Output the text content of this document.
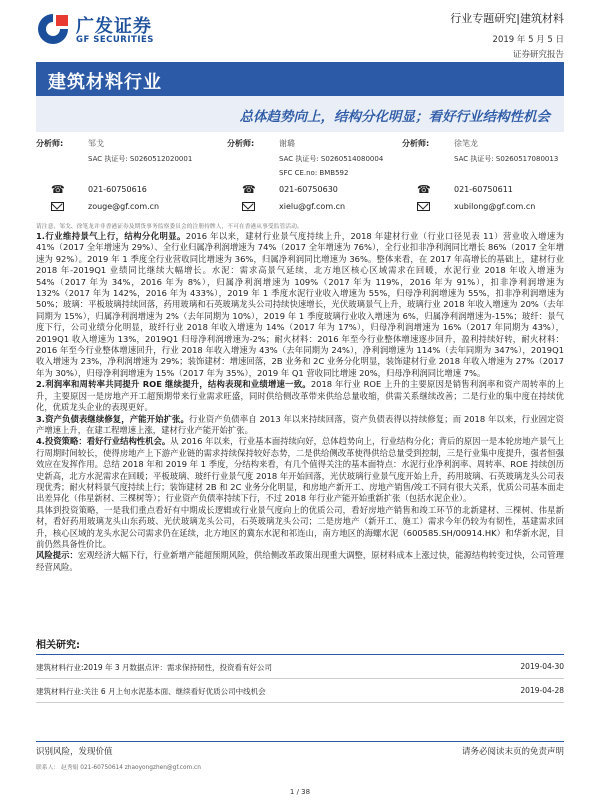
广发证券
GF SECURITIES
行业专题研究|建筑材料
2019 年 5 月 5 日
证券研究报告
建筑材料行业
总体趋势向上，结构分化明显；看好行业结构性机会
分析师:	邹戈
SAC 执证号: S0260512020001
☎	021-60750616
zouge@gf.com.cn
分析师:	谢璐
SAC 执证号: S0260514080004
SFC CE.no: BMB592
☎	021-60750630
xielu@gf.com.cn
分析师:	徐笔龙
SAC 执证号: S0260517080013
☎	021-60750611
xubilong@gf.com.cn
请注意，邹戈、徐笔龙并非香港证券及期货事务监察委员会的注册持牌人，不可在香港从事受监管活动。

1.行业维持景气上行，结构分化明显。2016 年以来，建材行业景气度持续上升，2018 年建材行业（行业口径见表 11）营业收入增速为 41%（2017 全年增速为 29%）、全行业归属净利润增速为 74%（2017 全年增速为 76%），全行业扣非净利润同比增长 86%（2017 全年增速为 92%）。2019 年 1 季度全行业营收同比增速为 36%，归属净利润同比增速为 36%。整体来看，在 2017 年高增长的基础上，建材行业 2018 年-2019Q1 业绩同比继续大幅增长。水泥：需求高景气延续，北方地区核心区域需求在回暖，水泥行业 2018 年收入增速为 54%（2017 年为 34%，2016 年为 8%），归属净利润增速为 109%（2017 年为 119%，2016 年为 91%），扣非净利润增速为 132%（2017 年为 142%，2016 年为 433%），2019 年 1 季度水泥行业收入增速为 55%，归母净利润增速为 55%，扣非净利润增速为 50%；玻璃：平板玻璃持续回落，药用玻璃和石英玻璃龙头公司持续快速增长，光伏玻璃景气上升，玻璃行业 2018 年收入增速为 20%（去年同期为 15%），归属净利润增速为 2%（去年同期为 10%），2019 年 1 季度玻璃行业收入增速为 6%，归属净利润增速为-15%；玻纤：景气度下行，公司业绩分化明显，玻纤行业 2018 年收入增速为 14%（2017 年为 17%），归母净利润增速为 16%（2017 年同期为 43%），2019Q1 收入增速为 13%，2019Q1 归母净利润增速为-2%；耐火材料：2016 年至今行业整体增速逐步回升，盈利持续好转，耐火材料：2016 年至今行业整体增速回升，行业 2018 年收入增速为 43%（去年同期为 24%），净利润增速为 114%（去年同期为 347%），2019Q1 收入增速为 23%，净利润增速为 29%；装饰建材：增速回落，2B 业务和 2C 业务分化明显，装饰建材行业 2018 年收入增速为 27%（2017 年为 30%），归母净利润增速为 15%（2017 年为 35%），2019 年 Q1 营收同比增速 20%，归母净利润同比增速 7%。

2.利润率和周转率共同提升 ROE 继续提升，结构表现和业绩增速一致。2018 年行业 ROE 上升的主要原因是销售利润率和资产周转率的上升，主要原因一是房地产开工超预期带来行业需求旺盛，同时供给侧改革带来供给总量收缩，供需关系继续改善；二是行业的集中度在持续优化，优质龙头企业的表现更好。

3.资产负债表继续修复，产能开始扩张。行业资产负债率自 2013 年以来持续回落，资产负债表得以持续修复；而 2018 年以来，行业固定资产增速上升，在建工程增速上涨，建材行业产能开始扩张。

4.投资策略：看好行业结构性机会。从 2016 年以来，行业基本面持续向好，总体趋势向上，行业结构分化；背后的原因一是本轮房地产景气上行周期时间较长，使得房地产上下游产业链的需求持续保持较好态势，二是供给侧改革使得供给总量受到控制，三是行业集中度提升，强者恒强效应在发挥作用。总结 2018 年和 2019 年 1 季度，分结构来看，有几个值得关注的基本面特点：水泥行业净利润率、周转率、ROE 持续创历史新高，北方水泥需求在回暖；平板玻璃、玻纤行业景气度 2018 年开始回落，光伏玻璃行业景气度开始上升，药用玻璃、石英玻璃龙头公司表现优秀；耐火材料景气度持续上行；装饰建材 2B 和 2C 业务分化明显，和房地产新开工、房地产销售/竣工不同有很大关系，优质公司基本面走出差异化（伟星新材、三棵树等）；行业资产负债率持续下行，不过 2018 年行业产能开始重新扩张（包括水泥企业）。

具体到投资策略，一是我们重点看好有中期成长逻辑或行业景气度向上的优质公司，看好房地产销售和竣工环节的北新建材、三棵树、伟星新材，看好药用玻璃龙头山东药玻、光伏玻璃龙头公司，石英玻璃龙头公司；二是房地产（新开工、施工）需求今年仍较为有韧性，基建需求回升，核心区域的龙头水泥公司需求仍在延续，北方地区的冀东水泥和祁连山，南方地区的海螺水泥（600585.SH/00914.HK）和华新水泥，目前仍然具备性价比。

风险提示：宏观经济大幅下行，行业新增产能超预期风险，供给侧改革政策出现重大调整，原材料成本上涨过快，能源结构转变过快，公司管理经营风险。

相关研究:
建筑材料行业:2019 年 3 月数据点评：需求保持韧性，投资看有好公司	2019-04-30
建筑材料行业:关注 6 月上旬水泥基本面、继续看好优质公司中线机会	2019-04-28
识别风险，发现价值	请务必阅读末页的免责声明
联系人： 赵秀娟 021-60750614 zhaoyongzhen@gf.com.cn
1 / 38
